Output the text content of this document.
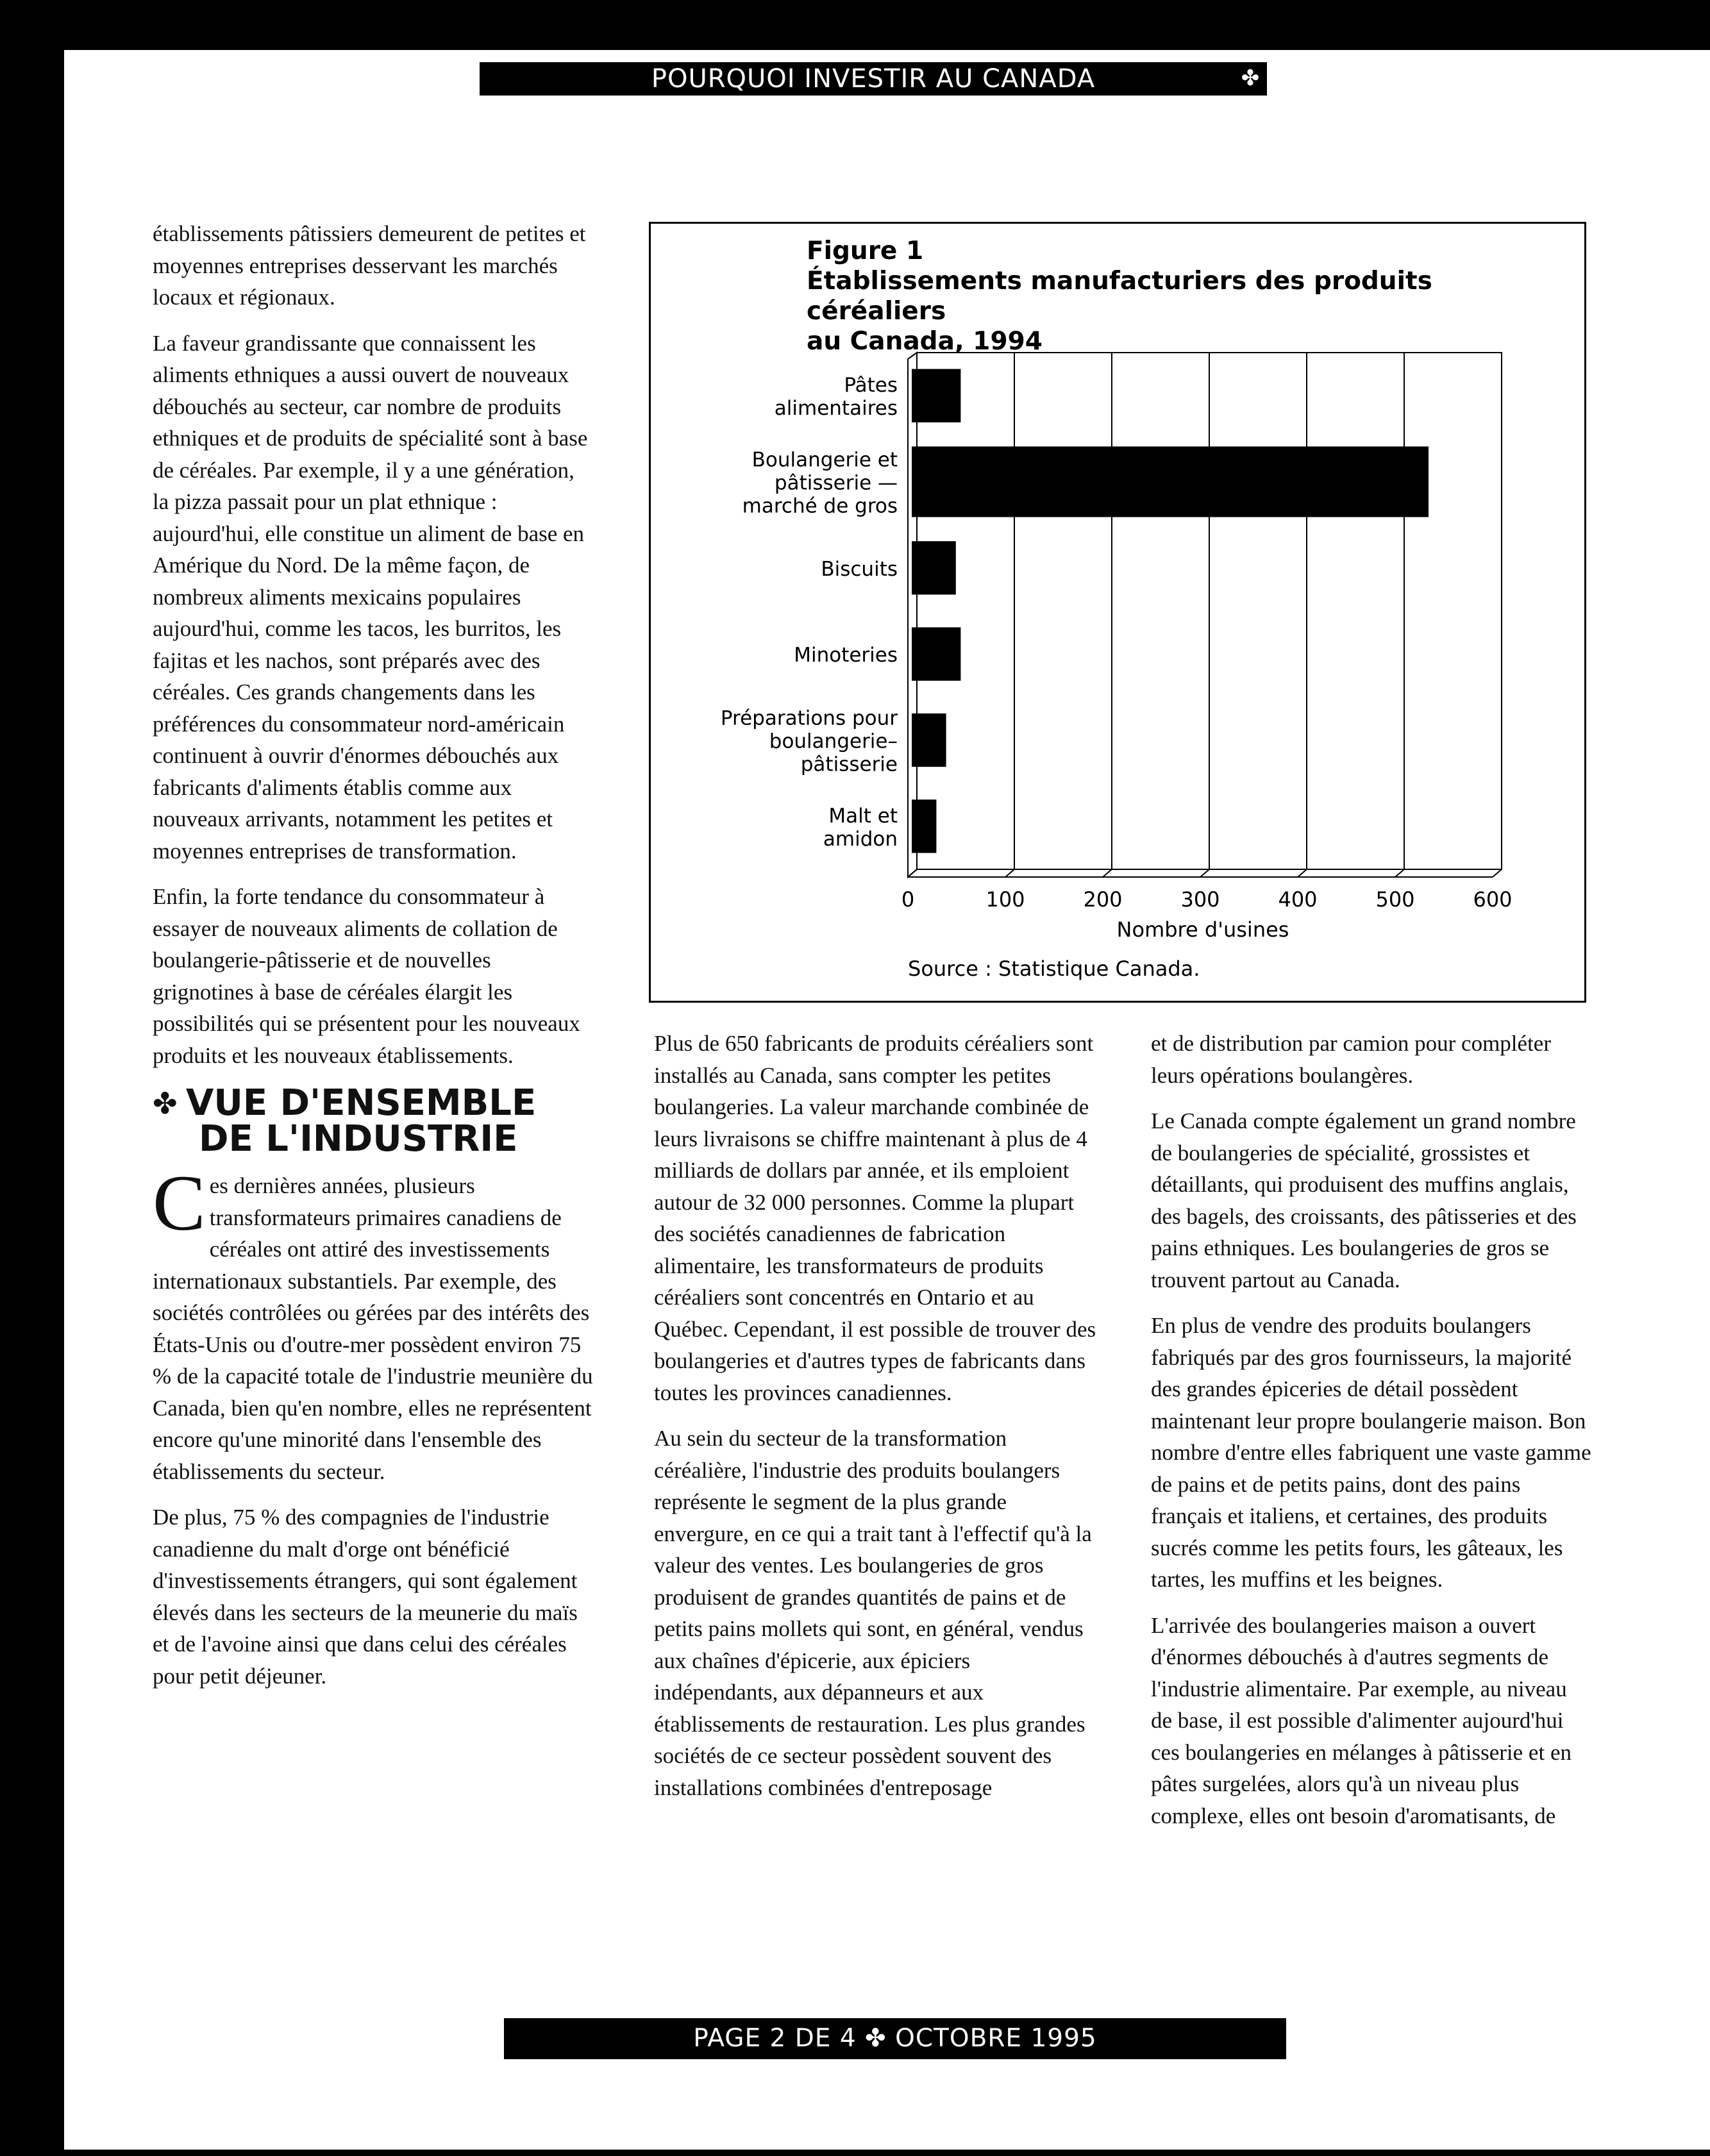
POURQUOI INVESTIR AU CANADA	✤

établissements pâtissiers demeurent de petites et moyennes entreprises desservant les marchés locaux et régionaux.

La faveur grandissante que connaissent les aliments ethniques a aussi ouvert de nouveaux débouchés au secteur, car nombre de produits ethniques et de produits de spécialité sont à base de céréales. Par exemple, il y a une génération, la pizza passait pour un plat ethnique : aujourd'hui, elle constitue un aliment de base en Amérique du Nord. De la même façon, de nombreux aliments mexicains populaires aujourd'hui, comme les tacos, les burritos, les fajitas et les nachos, sont préparés avec des céréales. Ces grands changements dans les préférences du consommateur nord-américain continuent à ouvrir d'énormes débouchés aux fabricants d'aliments établis comme aux nouveaux arrivants, notamment les petites et moyennes entreprises de transformation.

Enfin, la forte tendance du consommateur à essayer de nouveaux aliments de collation de boulangerie-pâtisserie et de nouvelles grignotines à base de céréales élargit les possibilités qui se présentent pour les nouveaux produits et les nouveaux établissements.

✤ VUE D'ENSEMBLE
DE L'INDUSTRIE

Ces dernières années, plusieurs transformateurs primaires canadiens de céréales ont attiré des investissements internationaux substantiels. Par exemple, des sociétés contrôlées ou gérées par des intérêts des États-Unis ou d'outre-mer possèdent environ 75 % de la capacité totale de l'industrie meunière du Canada, bien qu'en nombre, elles ne représentent encore qu'une minorité dans l'ensemble des établissements du secteur.

De plus, 75 % des compagnies de l'industrie canadienne du malt d'orge ont bénéficié d'investissements étrangers, qui sont également élevés dans les secteurs de la meunerie du maïs et de l'avoine ainsi que dans celui des céréales pour petit déjeuner.

Figure 1
Établissements manufacturiers des produits céréaliers
au Canada, 1994
Pâtes
alimentaires
Boulangerie et
pâtisserie —
marché de gros
Biscuits
Minoteries
Préparations pour
boulangerie–
pâtisserie
Malt et
amidon
0	100	200	300	400	500	600
Nombre d'usines
Source : Statistique Canada.

Plus de 650 fabricants de produits céréaliers sont installés au Canada, sans compter les petites boulangeries. La valeur marchande combinée de leurs livraisons se chiffre maintenant à plus de 4 milliards de dollars par année, et ils emploient autour de 32 000 personnes. Comme la plupart des sociétés canadiennes de fabrication alimentaire, les transformateurs de produits céréaliers sont concentrés en Ontario et au Québec. Cependant, il est possible de trouver des boulangeries et d'autres types de fabricants dans toutes les provinces canadiennes.

Au sein du secteur de la transformation céréalière, l'industrie des produits boulangers représente le segment de la plus grande envergure, en ce qui a trait tant à l'effectif qu'à la valeur des ventes. Les boulangeries de gros produisent de grandes quantités de pains et de petits pains mollets qui sont, en général, vendus aux chaînes d'épicerie, aux épiciers indépendants, aux dépanneurs et aux établissements de restauration. Les plus grandes sociétés de ce secteur possèdent souvent des installations combinées d'entreposage

et de distribution par camion pour compléter leurs opérations boulangères.

Le Canada compte également un grand nombre de boulangeries de spécialité, grossistes et détaillants, qui produisent des muffins anglais, des bagels, des croissants, des pâtisseries et des pains ethniques. Les boulangeries de gros se trouvent partout au Canada.

En plus de vendre des produits boulangers fabriqués par des gros fournisseurs, la majorité des grandes épiceries de détail possèdent maintenant leur propre boulangerie maison. Bon nombre d'entre elles fabriquent une vaste gamme de pains et de petits pains, dont des pains français et italiens, et certaines, des produits sucrés comme les petits fours, les gâteaux, les tartes, les muffins et les beignes.

L'arrivée des boulangeries maison a ouvert d'énormes débouchés à d'autres segments de l'industrie alimentaire. Par exemple, au niveau de base, il est possible d'alimenter aujourd'hui ces boulangeries en mélanges à pâtisserie et en pâtes surgelées, alors qu'à un niveau plus complexe, elles ont besoin d'aromatisants, de

PAGE 2 DE 4 ✤ OCTOBRE 1995
